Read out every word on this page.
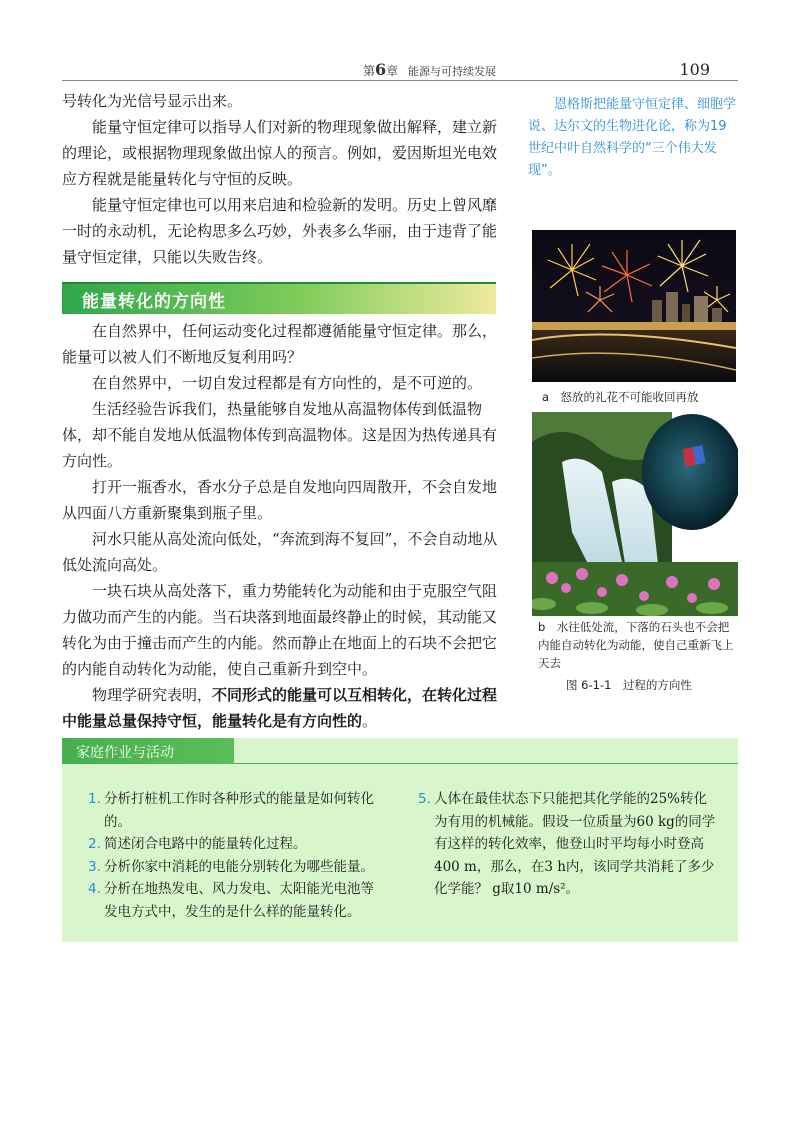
第6章 能源与可持续发展	109

号转化为光信号显示出来。

能量守恒定律可以指导人们对新的物理现象做出解释，建立新的理论，或根据物理现象做出惊人的预言。例如，爱因斯坦光电效应方程就是能量转化与守恒的反映。

能量守恒定律也可以用来启迪和检验新的发明。历史上曾风靡一时的永动机，无论构思多么巧妙，外表多么华丽，由于违背了能量守恒定律，只能以失败告终。

能量转化的方向性

在自然界中，任何运动变化过程都遵循能量守恒定律。那么，能量可以被人们不断地反复利用吗？

在自然界中，一切自发过程都是有方向性的，是不可逆的。

生活经验告诉我们，热量能够自发地从高温物体传到低温物体，却不能自发地从低温物体传到高温物体。这是因为热传递具有方向性。

打开一瓶香水，香水分子总是自发地向四周散开，不会自发地从四面八方重新聚集到瓶子里。

河水只能从高处流向低处，“奔流到海不复回”，不会自动地从低处流向高处。

一块石块从高处落下，重力势能转化为动能和由于克服空气阻力做功而产生的内能。当石块落到地面最终静止的时候，其动能又转化为由于撞击而产生的内能。然而静止在地面上的石块不会把它的内能自动转化为动能，使自己重新升到空中。

物理学研究表明，不同形式的能量可以互相转化，在转化过程中能量总量保持守恒，能量转化是有方向性的。

恩格斯把能量守恒定律、细胞学说、达尔文的生物进化论，称为19世纪中叶自然科学的“三个伟大发现”。

a　怒放的礼花不可能收回再放
b　水往低处流，下落的石头也不会把内能自动转化为动能，使自己重新飞上天去
图 6-1-1　过程的方向性
家庭作业与活动
1. 分析打桩机工作时各种形式的能量是如何转化的。
2. 简述闭合电路中的能量转化过程。
3. 分析你家中消耗的电能分别转化为哪些能量。
4. 分析在地热发电、风力发电、太阳能光电池等发电方式中，发生的是什么样的能量转化。
5. 人体在最佳状态下只能把其化学能的25%转化为有用的机械能。假设一位质量为60 kg的同学有这样的转化效率，他登山时平均每小时登高400 m，那么，在3 h内，该同学共消耗了多少化学能？ g取10 m/s²。
